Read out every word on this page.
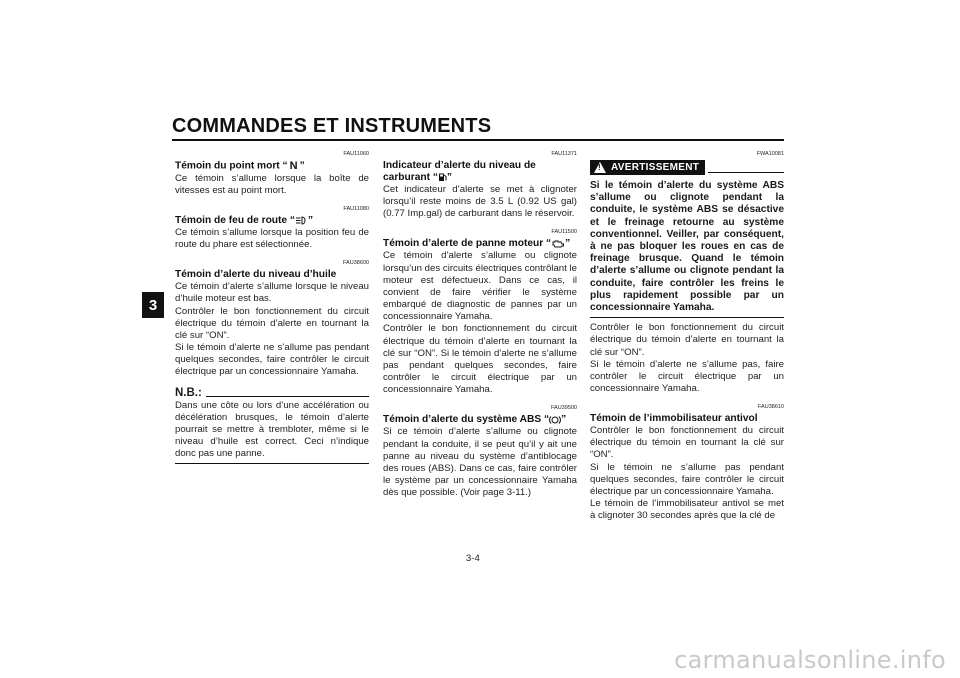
COMMANDES ET INSTRUMENTS
3
FAU11060
Témoin du point mort “ N ”
Ce témoin s’allume lorsque la boîte de vitesses est au point mort.
FAU11080
Témoin de feu de route “ ”
Ce témoin s’allume lorsque la position feu de route du phare est sélectionnée.
FAU38600
Témoin d’alerte du niveau d’huile

Ce témoin d’alerte s’allume lorsque le niveau d’huile moteur est bas.

Contrôler le bon fonctionnement du circuit électrique du témoin d’alerte en tournant la clé sur “ON”.

Si le témoin d’alerte ne s’allume pas pendant quelques secondes, faire contrôler le circuit électrique par un concessionnaire Yamaha.

N.B.:
Dans une côte ou lors d’une accélération ou décélération brusques, le témoin d’alerte pourrait se mettre à trembloter, même si le niveau d’huile est correct. Ceci n’indique donc pas une panne.
FAU11371
Indicateur d’alerte du niveau de
carburant “ ”
Cet indicateur d’alerte se met à clignoter lorsqu’il reste moins de 3.5 L (0.92 US gal) (0.77 Imp.gal) de carburant dans le réservoir.
FAU11500
Témoin d’alerte de panne moteur “ ”

Ce témoin d’alerte s’allume ou clignote lorsqu’un des circuits électriques contrôlant le moteur est défectueux. Dans ce cas, il convient de faire vérifier le système embarqué de diagnostic de pannes par un concessionnaire Yamaha.

Contrôler le bon fonctionnement du circuit électrique du témoin d’alerte en tournant la clé sur “ON”. Si le témoin d’alerte ne s’allume pas pendant quelques secondes, faire contrôler le circuit électrique par un concessionnaire Yamaha.

FAU39500
Témoin d’alerte du système ABS “ ”
Si ce témoin d’alerte s’allume ou clignote pendant la conduite, il se peut qu’il y ait une panne au niveau du système d’antiblocage des roues (ABS). Dans ce cas, faire contrôler le système par un concessionnaire Yamaha dès que possible. (Voir page 3-11.)
FWA10081
! AVERTISSEMENT
Si le témoin d’alerte du système ABS s’allume ou clignote pendant la conduite, le système ABS se désactive et le freinage retourne au système conventionnel. Veiller, par conséquent, à ne pas bloquer les roues en cas de freinage brusque. Quand le témoin d’alerte s’allume ou clignote pendant la conduite, faire contrôler les freins le plus rapidement possible par un concessionnaire Yamaha.

Contrôler le bon fonctionnement du circuit électrique du témoin d’alerte en tournant la clé sur “ON”.

Si le témoin d’alerte ne s’allume pas, faire contrôler le circuit électrique par un concessionnaire Yamaha.

FAU38610
Témoin de l’immobilisateur antivol

Contrôler le bon fonctionnement du circuit électrique du témoin en tournant la clé sur “ON”.

Si le témoin ne s’allume pas pendant quelques secondes, faire contrôler le circuit électrique par un concessionnaire Yamaha.

Le témoin de l’immobilisateur antivol se met à clignoter 30 secondes après que la clé de

3-4
carmanualsonline.info
